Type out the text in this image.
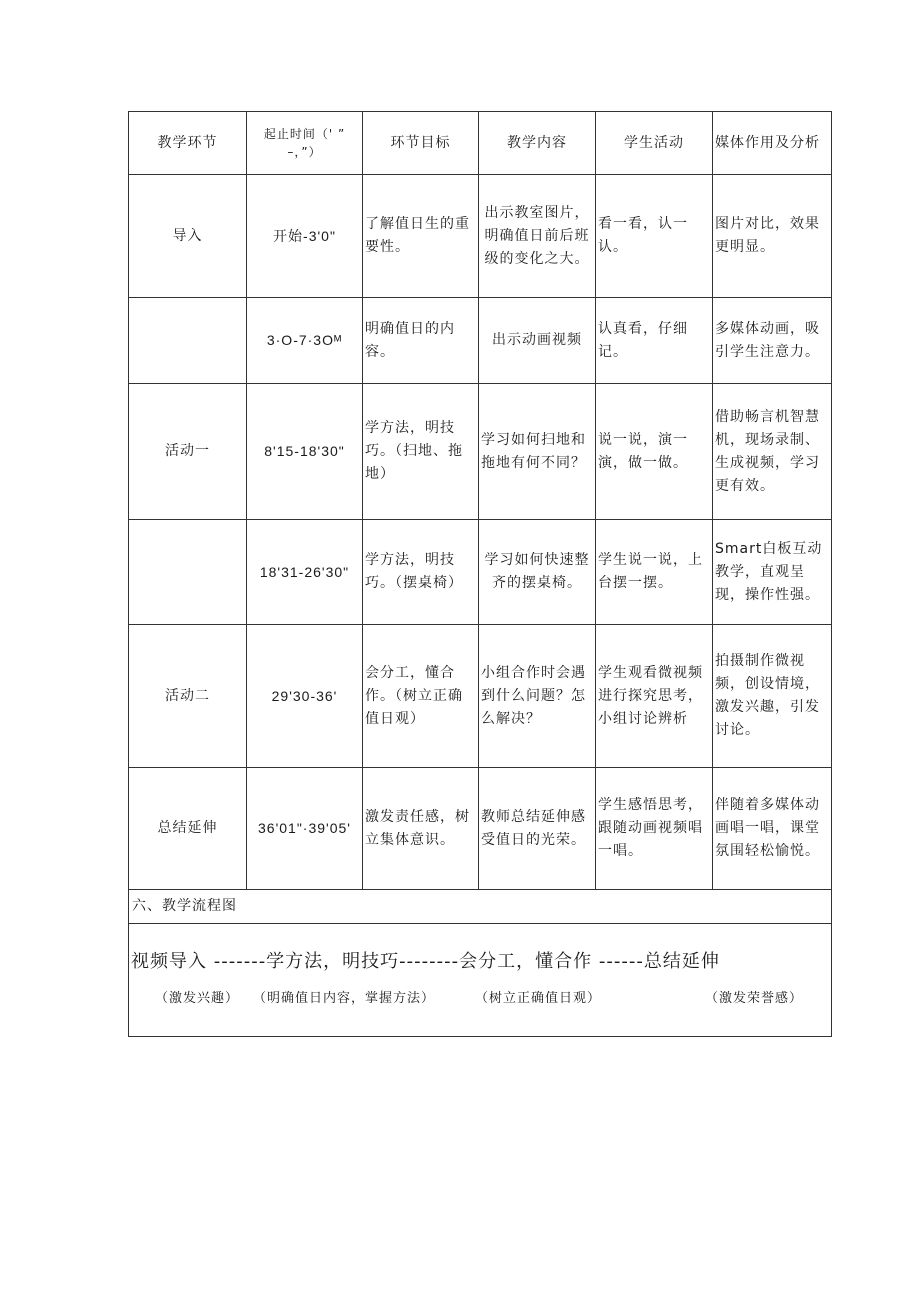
教学环节	起止时间（' ” –，”）	环节目标	教学内容	学生活动	媒体作用及分析
导入	开始-3'0"	了解值日生的重要性。	出示教室图片，明确值日前后班级的变化之大。	看一看，认一认。	图片对比，效果更明显。
	3·O-7·3Oᴹ	明确值日的内容。	出示动画视频	认真看，仔细记。	多媒体动画，吸引学生注意力。
活动一	8'15-18'30"	学方法，明技巧。（扫地、拖地）	学习如何扫地和拖地有何不同？	说一说，演一演，做一做。	借助畅言机智慧机，现场录制、生成视频，学习更有效。
	18'31-26'30"	学方法，明技巧。（摆桌椅）	学习如何快速整齐的摆桌椅。	学生说一说，上台摆一摆。	Smart白板互动教学，直观呈现，操作性强。
活动二	29'30-36'	会分工，懂合作。（树立正确值日观）	小组合作时会遇到什么问题？怎么解决？	学生观看微视频进行探究思考，小组讨论辨析	拍摄制作微视频，创设情境，激发兴趣，引发讨论。
总结延伸	36'01"·39'05'	激发责任感，树立集体意识。	教师总结延伸感受值日的光荣。	学生感悟思考，跟随动画视频唱一唱。	伴随着多媒体动画唱一唱，课堂氛围轻松愉悦。
六、教学流程图					

视频导入 -------学方法，明技巧--------会分工，懂合作 ------总结延伸
（激发兴趣） （明确值日内容，掌握方法） （树立正确值日观） （激发荣誉感）					
